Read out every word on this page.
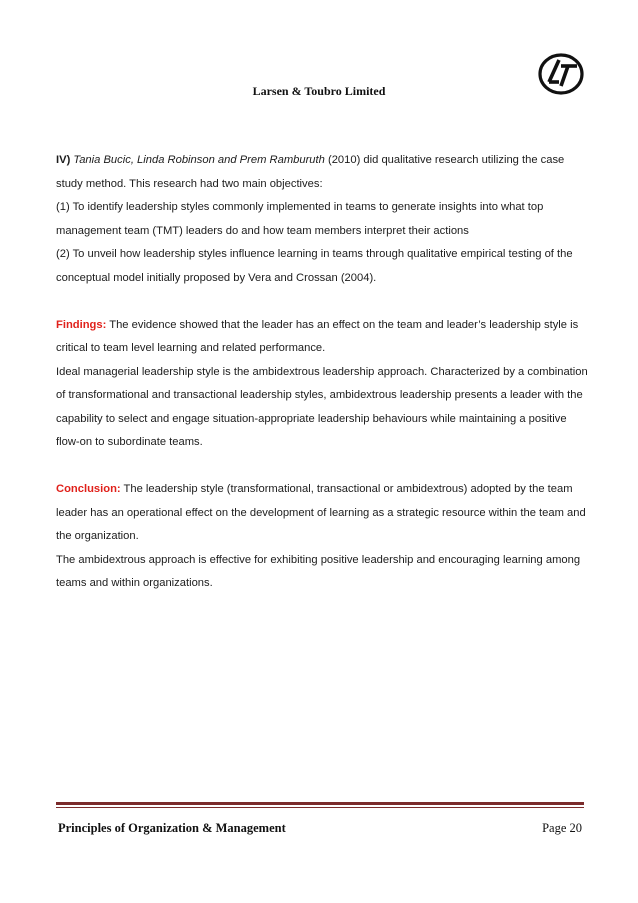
Larsen & Toubro Limited

IV) Tania Bucic, Linda Robinson and Prem Ramburuth (2010) did qualitative research utilizing the case study method. This research had two main objectives:

(1) To identify leadership styles commonly implemented in teams to generate insights into what top management team (TMT) leaders do and how team members interpret their actions

(2) To unveil how leadership styles influence learning in teams through qualitative empirical testing of the conceptual model initially proposed by Vera and Crossan (2004).

Findings: The evidence showed that the leader has an effect on the team and leader’s leadership style is critical to team level learning and related performance.

Ideal managerial leadership style is the ambidextrous leadership approach. Characterized by a combination of transformational and transactional leadership styles, ambidextrous leadership presents a leader with the capability to select and engage situation-appropriate leadership behaviours while maintaining a positive flow-on to subordinate teams.

Conclusion: The leadership style (transformational, transactional or ambidextrous) adopted by the team leader has an operational effect on the development of learning as a strategic resource within the team and the organization.

The ambidextrous approach is effective for exhibiting positive leadership and encouraging learning among teams and within organizations.

Principles of Organization & Management	Page 20
